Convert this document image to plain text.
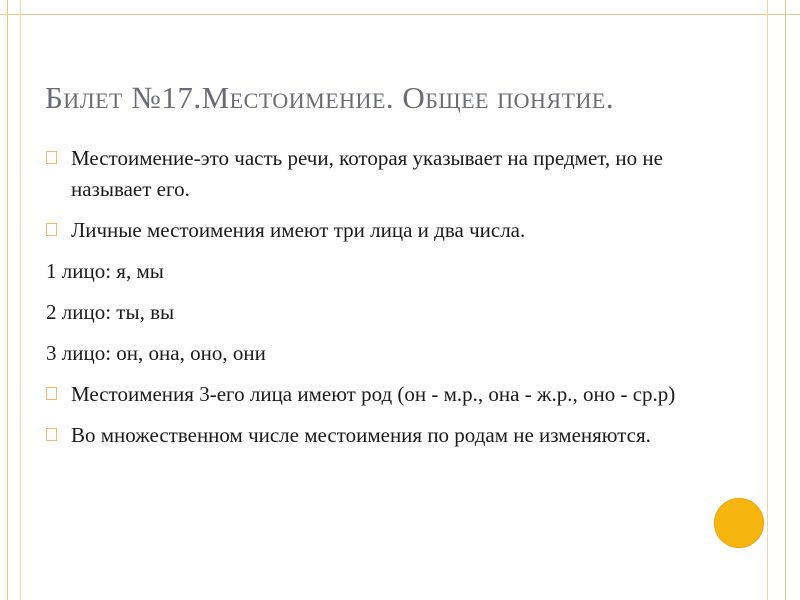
Билет №17.Местоимение. Общее понятие.

Местоимение-это часть речи, которая указывает на предмет, но не называет его.

Личные местоимения имеют три лица и два числа.

1 лицо: я, мы

2 лицо: ты, вы

3 лицо: он, она, оно, они

Местоимения 3-его лица имеют род (он - м.р., она - ж.р., оно - ср.р)

Во множественном числе местоимения по родам не изменяются.
